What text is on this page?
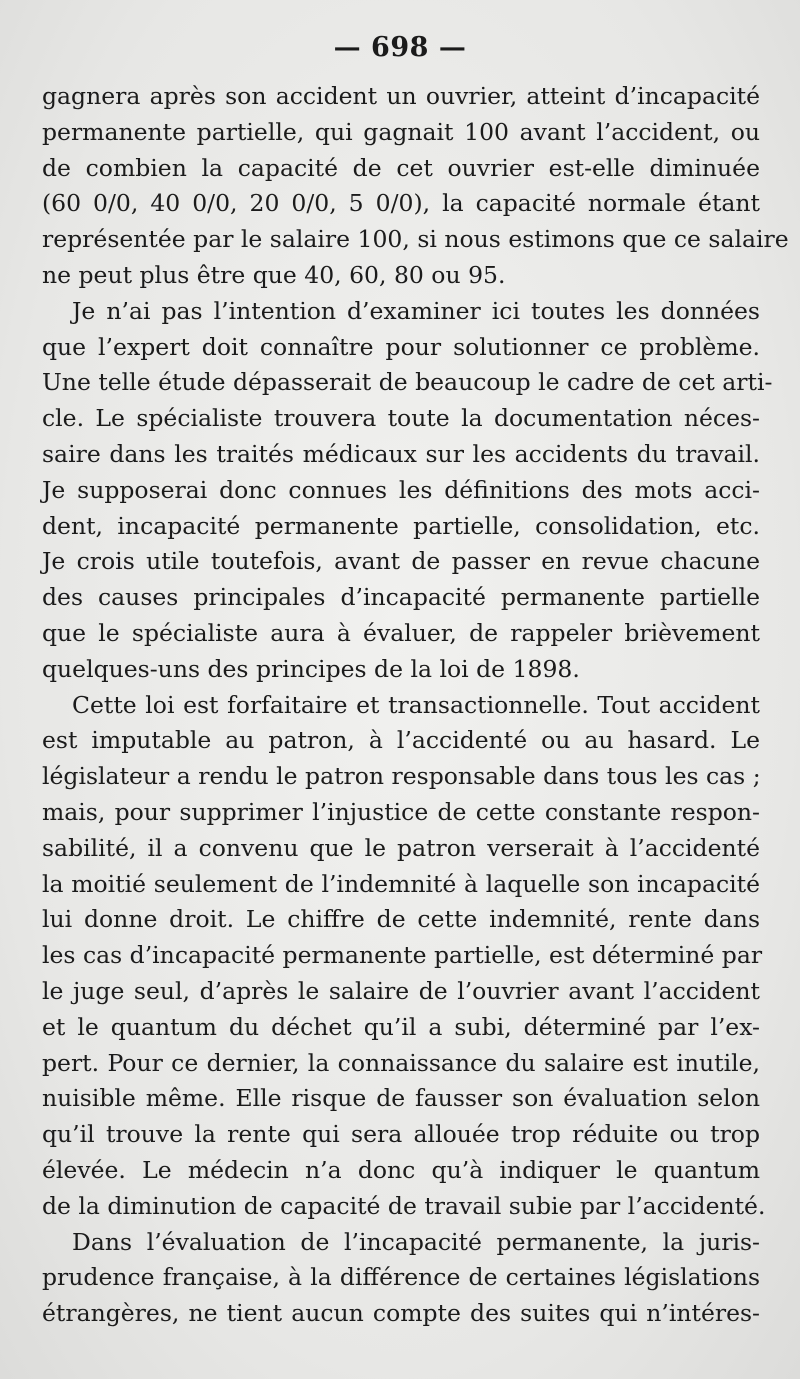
— 698 —
gagnera après son accident un ouvrier, atteint d’incapacité
permanente partielle, qui gagnait 100 avant l’accident, ou
de combien la capacité de cet ouvrier est-elle diminuée
(60 0/0, 40 0/0, 20 0/0, 5 0/0), la capacité normale étant
représentée par le salaire 100, si nous estimons que ce salaire
ne peut plus être que 40, 60, 80 ou 95.
Je n’ai pas l’intention d’examiner ici toutes les données
que l’expert doit connaître pour solutionner ce problème.
Une telle étude dépasserait de beaucoup le cadre de cet arti-
cle. Le spécialiste trouvera toute la documentation néces-
saire dans les traités médicaux sur les accidents du travail.
Je supposerai donc connues les définitions des mots acci-
dent, incapacité permanente partielle, consolidation, etc.
Je crois utile toutefois, avant de passer en revue chacune
des causes principales d’incapacité permanente partielle
que le spécialiste aura à évaluer, de rappeler brièvement
quelques-uns des principes de la loi de 1898.
Cette loi est forfaitaire et transactionnelle. Tout accident
est imputable au patron, à l’accidenté ou au hasard. Le
législateur a rendu le patron responsable dans tous les cas ;
mais, pour supprimer l’injustice de cette constante respon-
sabilité, il a convenu que le patron verserait à l’accidenté
la moitié seulement de l’indemnité à laquelle son incapacité
lui donne droit. Le chiffre de cette indemnité, rente dans
les cas d’incapacité permanente partielle, est déterminé par
le juge seul, d’après le salaire de l’ouvrier avant l’accident
et le quantum du déchet qu’il a subi, déterminé par l’ex-
pert. Pour ce dernier, la connaissance du salaire est inutile,
nuisible même. Elle risque de fausser son évaluation selon
qu’il trouve la rente qui sera allouée trop réduite ou trop
élevée. Le médecin n’a donc qu’à indiquer le quantum
de la diminution de capacité de travail subie par l’accidenté.
Dans l’évaluation de l’incapacité permanente, la juris-
prudence française, à la différence de certaines législations
étrangères, ne tient aucun compte des suites qui n’intéres-
